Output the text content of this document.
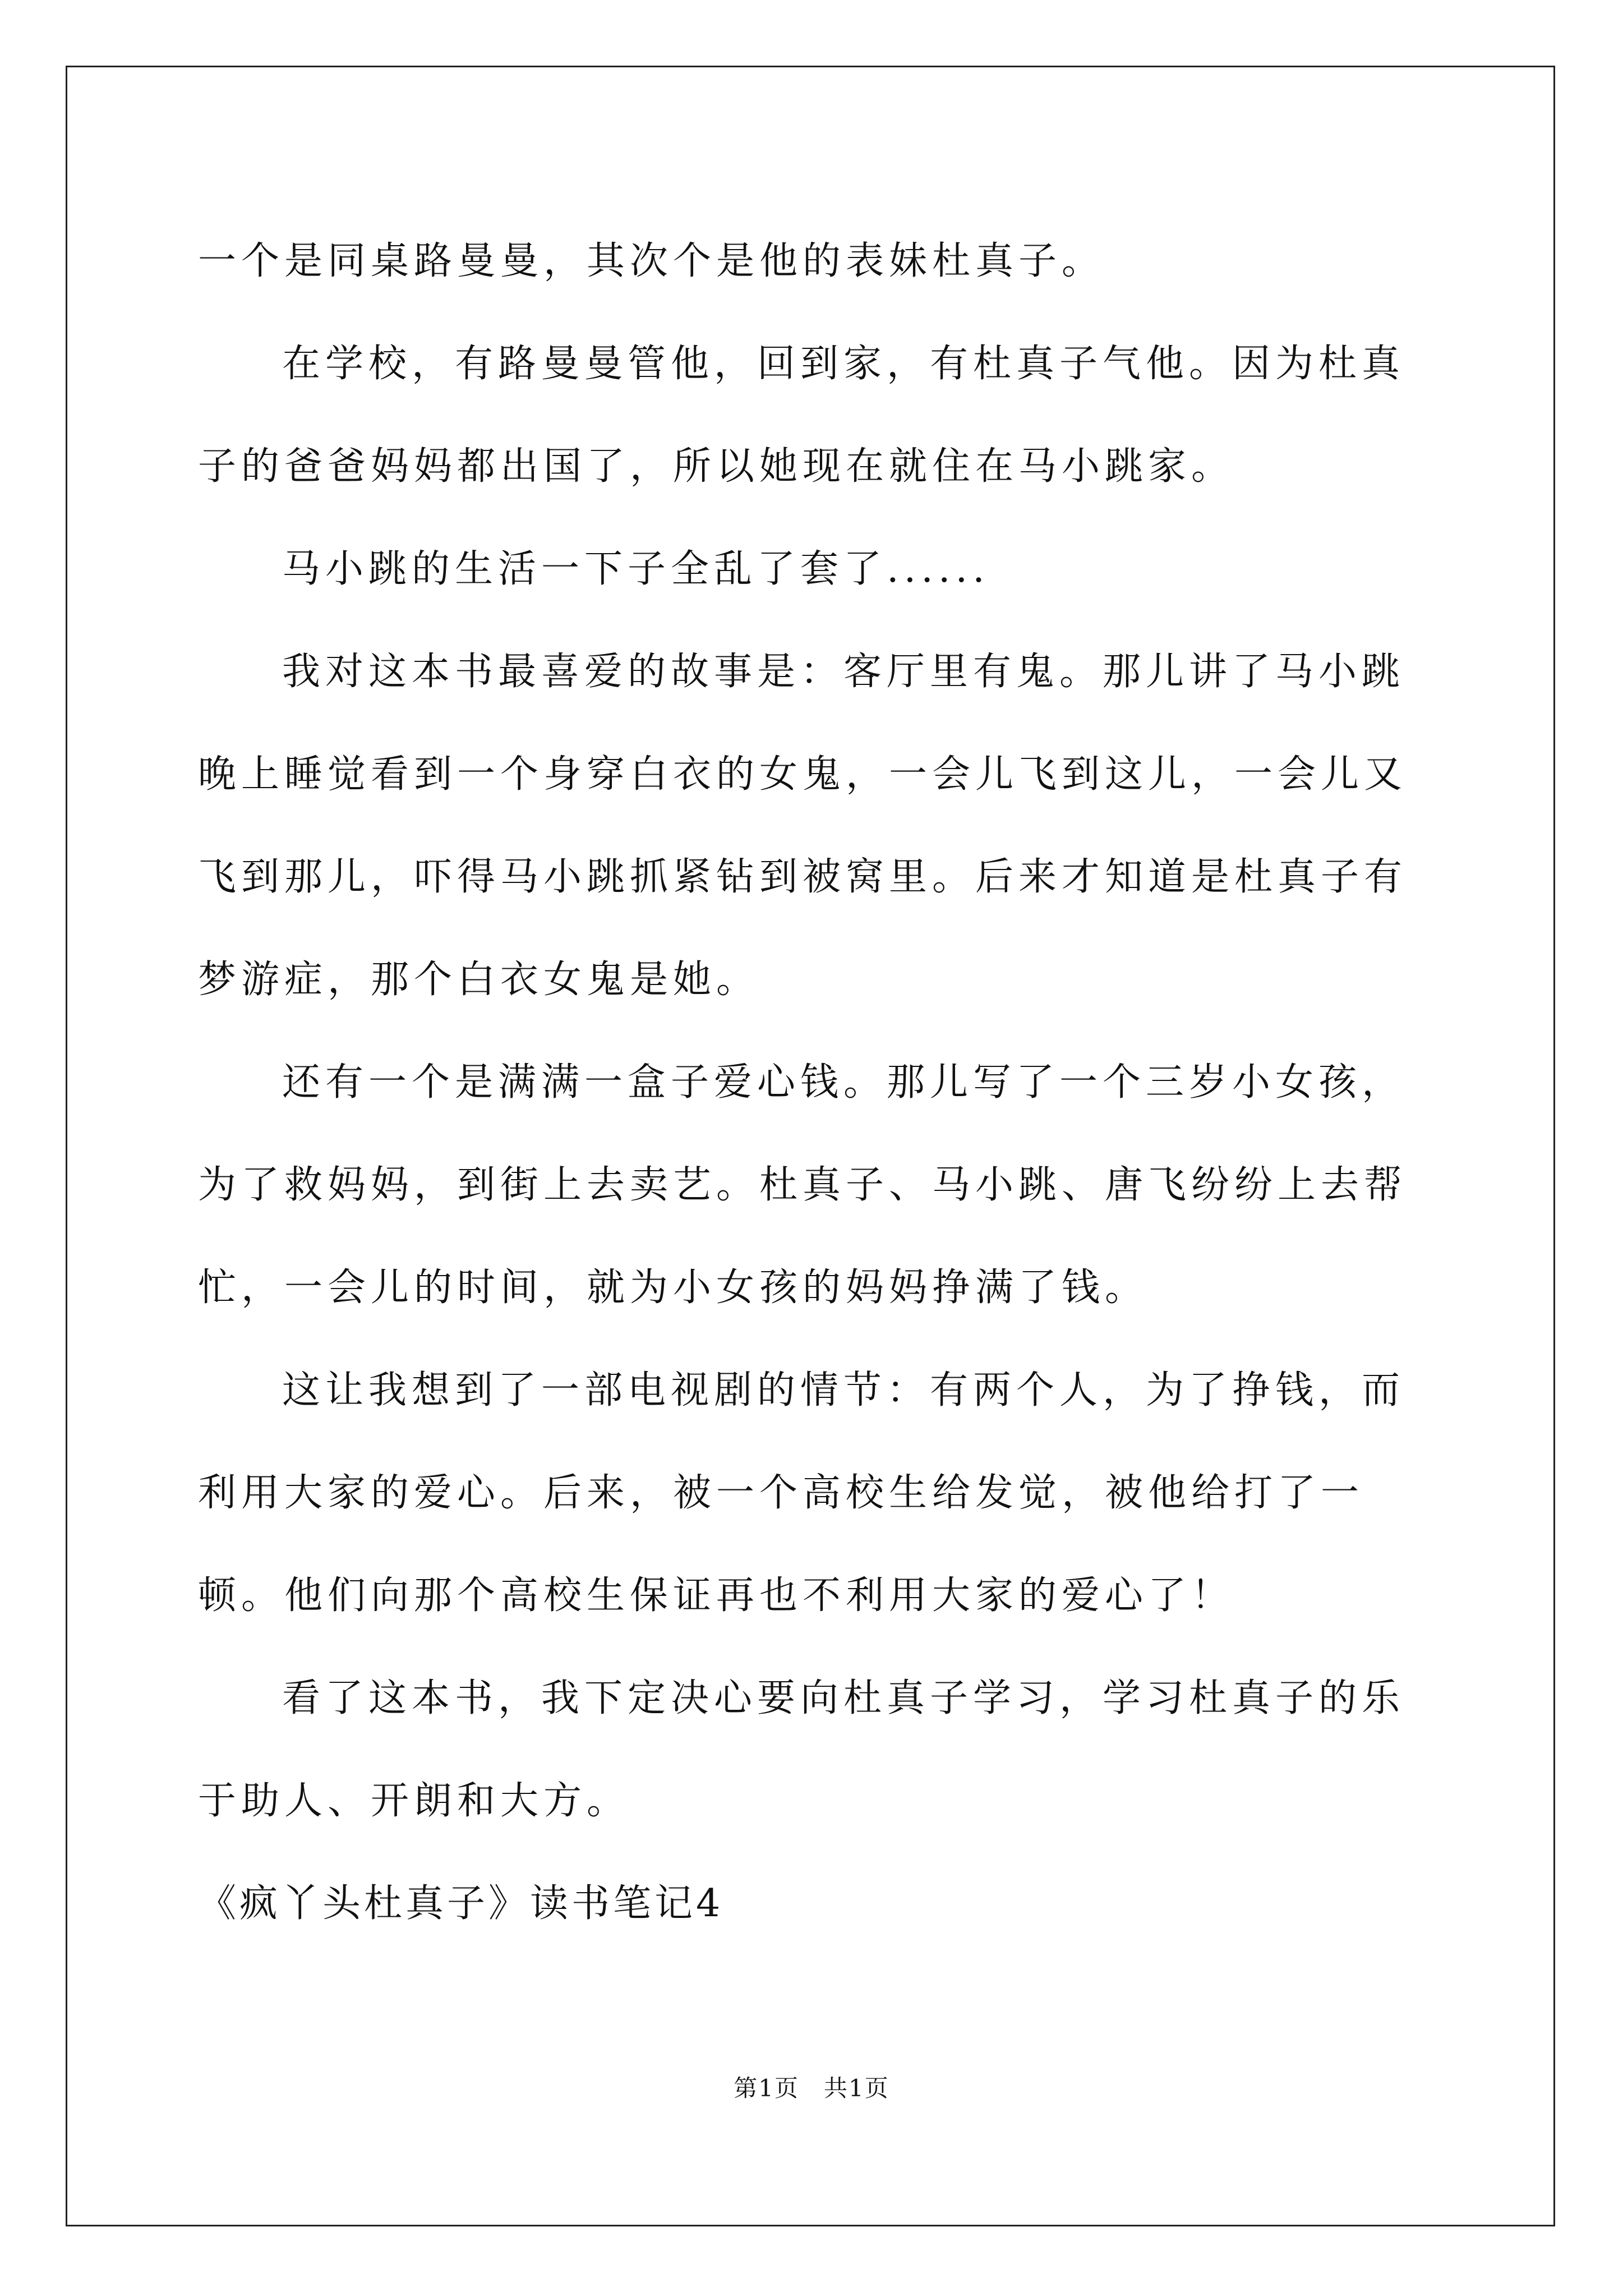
一个是同桌路曼曼，其次个是他的表妹杜真子。

在学校，有路曼曼管他，回到家，有杜真子气他。因为杜真子的爸爸妈妈都出国了，所以她现在就住在马小跳家。

马小跳的生活一下子全乱了套了......

我对这本书最喜爱的故事是：客厅里有鬼。那儿讲了马小跳晚上睡觉看到一个身穿白衣的女鬼，一会儿飞到这儿，一会儿又飞到那儿，吓得马小跳抓紧钻到被窝里。后来才知道是杜真子有梦游症，那个白衣女鬼是她。

还有一个是满满一盒子爱心钱。那儿写了一个三岁小女孩，为了救妈妈，到街上去卖艺。杜真子、马小跳、唐飞纷纷上去帮忙，一会儿的时间，就为小女孩的妈妈挣满了钱。

这让我想到了一部电视剧的情节：有两个人，为了挣钱，而利用大家的爱心。后来，被一个高校生给发觉，被他给打了一顿。他们向那个高校生保证再也不利用大家的爱心了！

看了这本书，我下定决心要向杜真子学习，学习杜真子的乐于助人、开朗和大方。

《疯丫头杜真子》读书笔记4

第1页　共1页
